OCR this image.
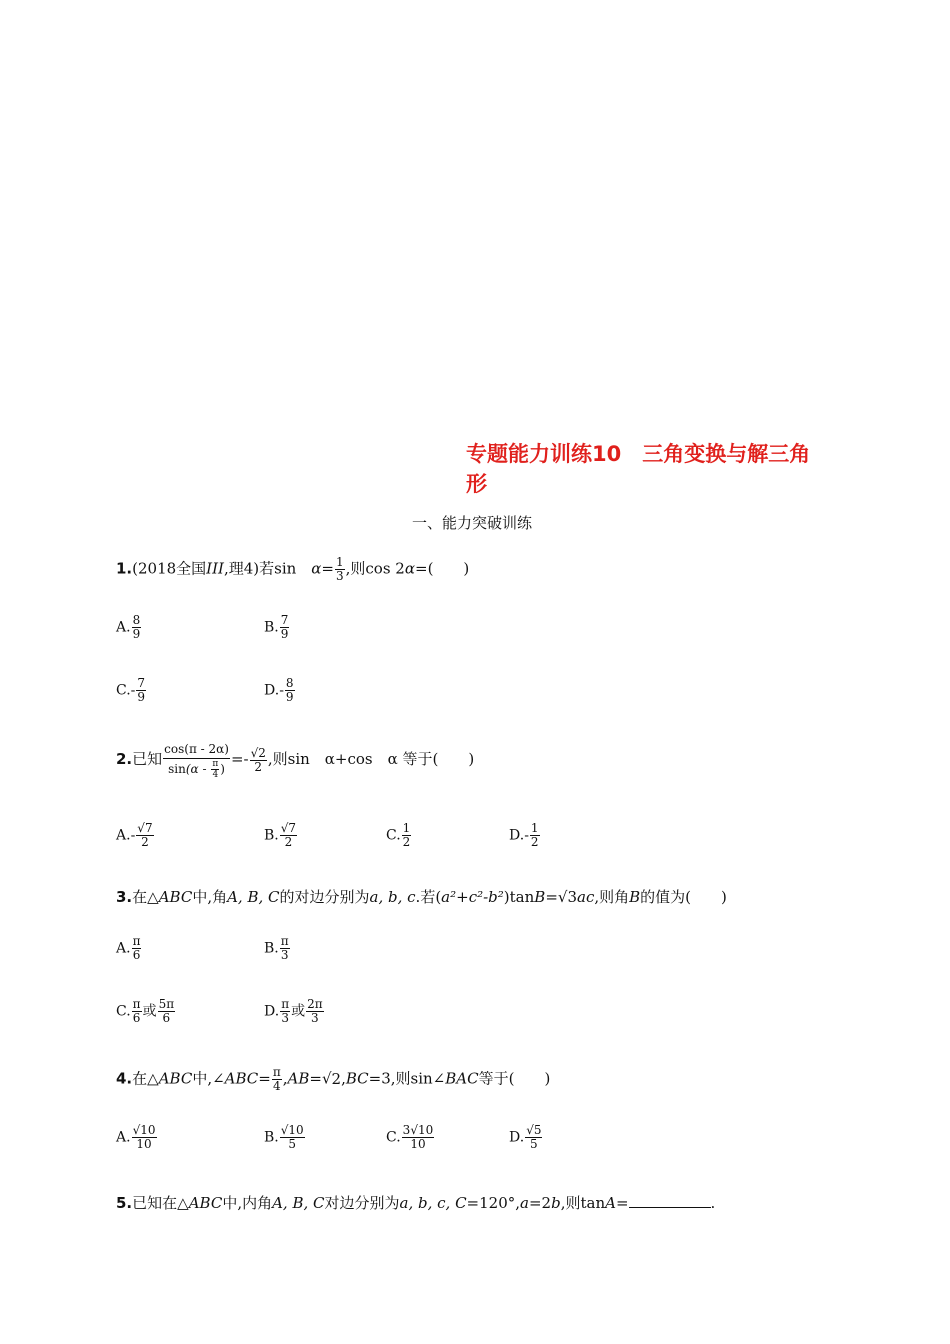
专题能力训练10　三角变换与解三角
形
一、能力突破训练
1.(2018全国III,理4)若sin　$\alpha= \frac{1}{3}$ ,则cos 2α=(　　)
A. $\frac{8}{9}$	B. $\frac{7}{9}$
$C.- \frac{7}{9}$	$D.- \frac{8}{9}$
2.已知 $\frac{\cos(\pi - 2\alpha)}{\sin(\alpha - \frac{\pi}{4} )} =- \frac{√2}{2}$ ,则sin　α+cos　α 等于(　　)
$A.- \frac{√7}{2}$	B. $\frac{√7}{2}$	C. $\frac{1}{2}$	$D.- \frac{1}{2}$
3.在△ABC中,角A, B, C的对边分别为a, b, c.若(a²+c²-b²)tanB=√3ac,则角B的值为(　　)
A. $\frac{\pi}{6}$	B. $\frac{\pi}{3}$
C. $\frac{\pi}{6}$ 或 $\frac{5\pi}{6}$	D. $\frac{\pi}{3}$ 或 $\frac{2\pi}{3}$
4.在△ABC中,∠ABC= $\frac{\pi}{4} ,AB=√2,BC=3$,则sin∠BAC等于(　　)
A. $\frac{√10}{10}$	B. $\frac{√10}{5}$	C. $\frac{3√10}{10}$	D. $\frac{√5}{5}$
5.已知在△ABC中,内角A, B, C对边分别为a, b, c, C=120°,a=2b,则tanA=	.
